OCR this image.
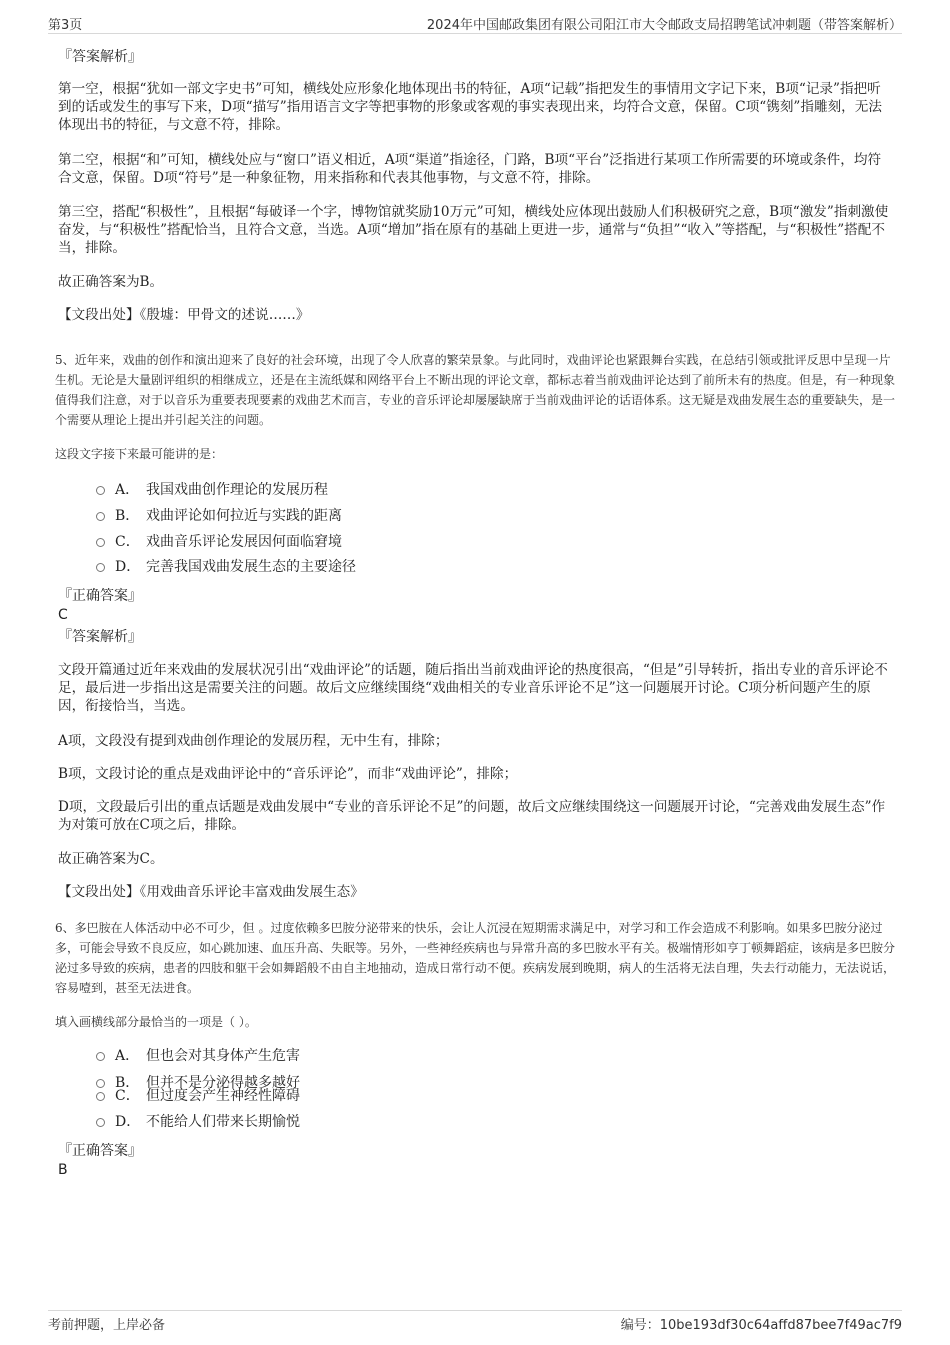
第3页	2024年中国邮政集团有限公司阳江市大令邮政支局招聘笔试冲刺题（带答案解析）
『答案解析』
第一空，根据“犹如一部文字史书”可知，横线处应形象化地体现出书的特征，A项“记载”指把发生的事情用文字记下来，B项“记录”指把听到的话或发生的事写下来，D项“描写”指用语言文字等把事物的形象或客观的事实表现出来，均符合文意，保留。C项“镌刻”指雕刻，无法体现出书的特征，与文意不符，排除。
第二空，根据“和”可知，横线处应与“窗口”语义相近，A项“渠道”指途径，门路，B项“平台”泛指进行某项工作所需要的环境或条件，均符合文意，保留。D项“符号”是一种象征物，用来指称和代表其他事物，与文意不符，排除。
第三空，搭配“积极性”，且根据“每破译一个字，博物馆就奖励10万元”可知，横线处应体现出鼓励人们积极研究之意，B项“激发”指刺激使奋发，与“积极性”搭配恰当，且符合文意，当选。A项“增加”指在原有的基础上更进一步，通常与“负担”“收入”等搭配，与“积极性”搭配不当，排除。
故正确答案为B。
【文段出处】《殷墟：甲骨文的述说……》
5、近年来，戏曲的创作和演出迎来了良好的社会环境，出现了令人欣喜的繁荣景象。与此同时，戏曲评论也紧跟舞台实践，在总结引领或批评反思中呈现一片生机。无论是大量剧评组织的相继成立，还是在主流纸媒和网络平台上不断出现的评论文章，都标志着当前戏曲评论达到了前所未有的热度。但是，有一种现象值得我们注意，对于以音乐为重要表现要素的戏曲艺术而言，专业的音乐评论却屡屡缺席于当前戏曲评论的话语体系。这无疑是戏曲发展生态的重要缺失，是一个需要从理论上提出并引起关注的问题。
这段文字接下来最可能讲的是：
A． 我国戏曲创作理论的发展历程
B． 戏曲评论如何拉近与实践的距离
C． 戏曲音乐评论发展因何面临窘境
D． 完善我国戏曲发展生态的主要途径
『正确答案』
C
『答案解析』
文段开篇通过近年来戏曲的发展状况引出“戏曲评论”的话题，随后指出当前戏曲评论的热度很高，“但是”引导转折，指出专业的音乐评论不足，最后进一步指出这是需要关注的问题。故后文应继续围绕“戏曲相关的专业音乐评论不足”这一问题展开讨论。C项分析问题产生的原因，衔接恰当，当选。
A项，文段没有提到戏曲创作理论的发展历程，无中生有，排除；
B项，文段讨论的重点是戏曲评论中的“音乐评论”，而非“戏曲评论”，排除；
D项，文段最后引出的重点话题是戏曲发展中“专业的音乐评论不足”的问题，故后文应继续围绕这一问题展开讨论，“完善戏曲发展生态”作为对策可放在C项之后，排除。
故正确答案为C。
【文段出处】《用戏曲音乐评论丰富戏曲发展生态》
6、多巴胺在人体活动中必不可少，但 。过度依赖多巴胺分泌带来的快乐，会让人沉浸在短期需求满足中，对学习和工作会造成不利影响。如果多巴胺分泌过多，可能会导致不良反应，如心跳加速、血压升高、失眠等。另外，一些神经疾病也与异常升高的多巴胺水平有关。极端情形如亨丁顿舞蹈症，该病是多巴胺分泌过多导致的疾病，患者的四肢和躯干会如舞蹈般不由自主地抽动，造成日常行动不便。疾病发展到晚期，病人的生活将无法自理，失去行动能力，无法说话，容易噎到，甚至无法进食。
填入画横线部分最恰当的一项是（ ）。
A． 但也会对其身体产生危害
B． 但并不是分泌得越多越好
C． 但过度会产生神经性障碍
D． 不能给人们带来长期愉悦
『正确答案』
B
考前押题，上岸必备	编号：10be193df30c64affd87bee7f49ac7f9
